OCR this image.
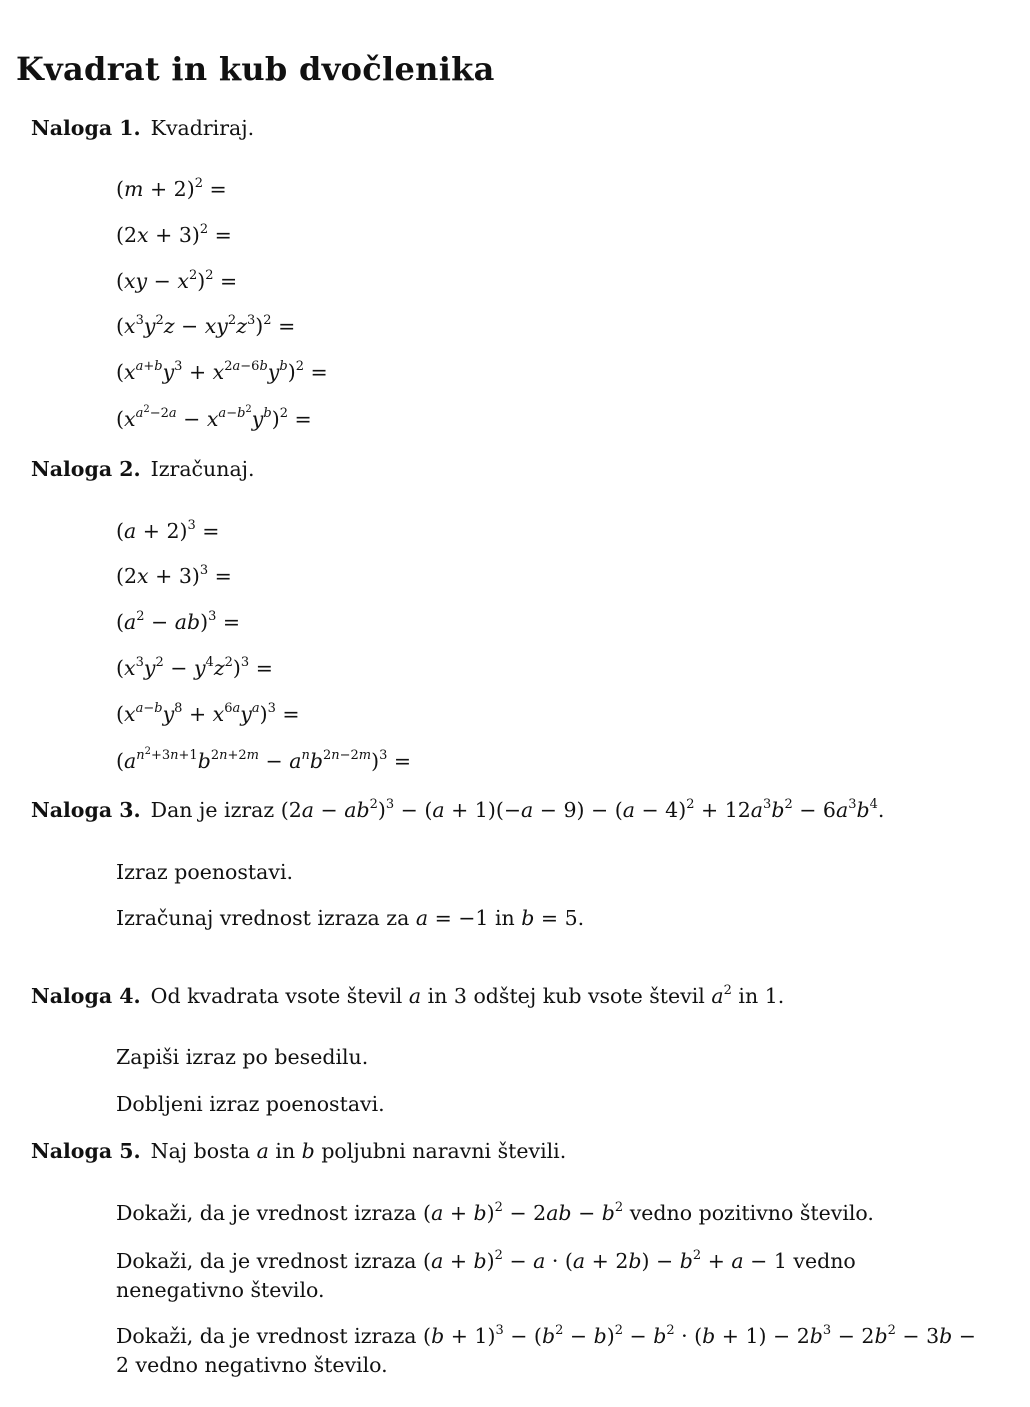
Kvadrat in kub dvočlenika
Naloga 1. Kvadriraj.
$(m + 2)^2$ =
$(2x + 3)^2$ =
$(xy - x^2)^2$ =
$(x^3y^2z - xy^2z^3)^2$ =
$(x^{a+b}y^3 + x^{2a-6b}y^b)^2$ =
$(x^{a^2-2a} - x^{a-b^2}y^b)^2$ =
Naloga 2. Izračunaj.
$(a + 2)^3$ =
$(2x + 3)^3$ =
$(a^2 - ab)^3$ =
$(x^3y^2 - y^4z^2)^3$ =
$(x^{a-b}y^8 + x^{6a}y^a)^3$ =
$(a^{n^2+3n+1}b^{2n+2m} - a^nb^{2n-2m})^3$ =
Naloga 3. Dan je izraz $(2a - ab^2)^3 - (a + 1)(-a - 9) - (a - 4)^2 + 12a^3b^2 - 6a^3b^4$.
Izraz poenostavi.
Izračunaj vrednost izraza za a = −1 in b = 5.
Naloga 4. Od kvadrata vsote števil a in 3 odštej kub vsote števil $a^2$ in 1.
Zapiši izraz po besedilu.
Dobljeni izraz poenostavi.
Naloga 5. Naj bosta a in b poljubni naravni števili.
Dokaži, da je vrednost izraza $(a + b)^2 - 2ab - b^2$ vedno pozitivno število.
Dokaži, da je vrednost izraza $(a + b)^2 - a \cdot (a + 2b) - b^2 + a - 1$ vedno nenegativno število.
Dokaži, da je vrednost izraza $(b + 1)^3 - (b^2 - b)^2 - b^2 \cdot (b + 1) - 2b^3 - 2b^2 - 3b - 2$ vedno negativno število.
